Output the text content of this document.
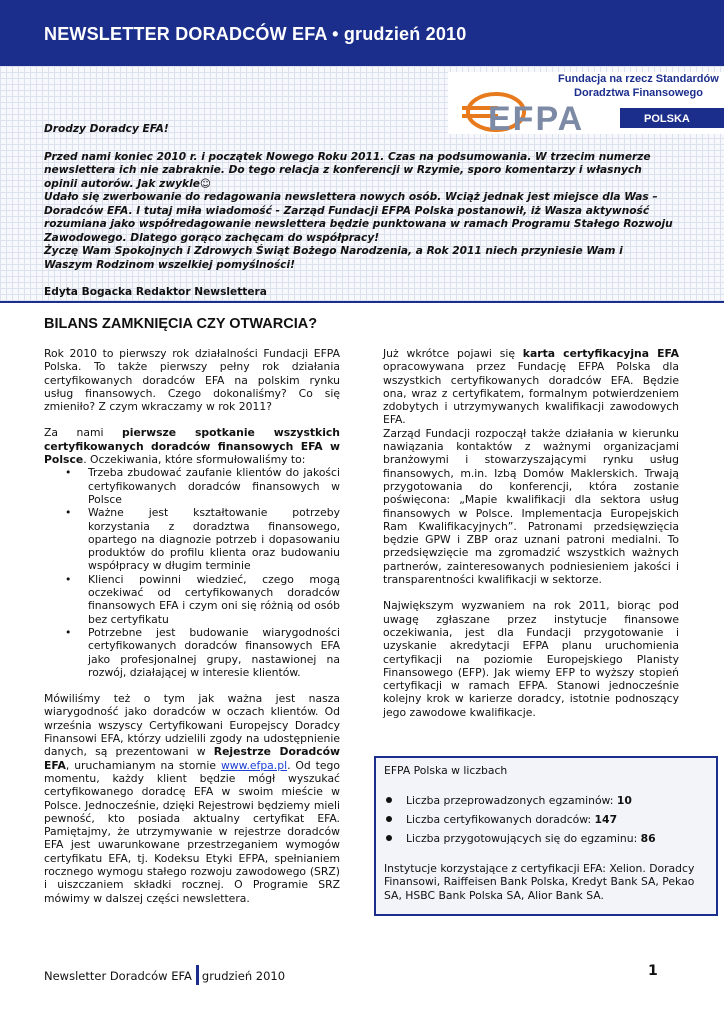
NEWSLETTER DORADCÓW EFA • grudzień 2010
Fundacja na rzecz Standardów
Doradztwa Finansowego
EFPA	POLSKA

Drodzy Doradcy EFA!

Przed nami koniec 2010 r. i początek Nowego Roku 2011. Czas na podsumowania. W trzecim numerze newslettera ich nie zabraknie. Do tego relacja z konferencji w Rzymie, sporo komentarzy i własnych opinii autorów. Jak zwykle☺

Udało się zwerbowanie do redagowania newslettera nowych osób. Wciąż jednak jest miejsce dla Was – Doradców EFA. I tutaj miła wiadomość - Zarząd Fundacji EFPA Polska postanowił, iż Wasza aktywność rozumiana jako współredagowanie newslettera będzie punktowana w ramach Programu Stałego Rozwoju Zawodowego. Dlatego gorąco zachęcam do współpracy!

Życzę Wam Spokojnych i Zdrowych Świąt Bożego Narodzenia, a Rok 2011 niech przyniesie Wam i Waszym Rodzinom wszelkiej pomyślności!

Edyta Bogacka Redaktor Newslettera

BILANS ZAMKNIĘCIA CZY OTWARCIA?

Rok 2010 to pierwszy rok działalności Fundacji EFPA Polska. To także pierwszy pełny rok działania certyfikowanych doradców EFA na polskim rynku usług finansowych. Czego dokonaliśmy? Co się zmieniło? Z czym wkraczamy w rok 2011?

Za nami pierwsze spotkanie wszystkich certyfikowanych doradców finansowych EFA w Polsce. Oczekiwania, które sformułowaliśmy to:

• Trzeba zbudować zaufanie klientów do jakości certyfikowanych doradców finansowych w Polsce
• Ważne jest kształtowanie potrzeby korzystania z doradztwa finansowego, opartego na diagnozie potrzeb i dopasowaniu produktów do profilu klienta oraz budowaniu współpracy w długim terminie
• Klienci powinni wiedzieć, czego mogą oczekiwać od certyfikowanych doradców finansowych EFA i czym oni się różnią od osób bez certyfikatu
• Potrzebne jest budowanie wiarygodności certyfikowanych doradców finansowych EFA jako profesjonalnej grupy, nastawionej na rozwój, działającej w interesie klientów.

Mówiliśmy też o tym jak ważna jest nasza wiarygodność jako doradców w oczach klientów. Od września wszyscy Certyfikowani Europejscy Doradcy Finansowi EFA, którzy udzielili zgody na udostępnienie danych, są prezentowani w Rejestrze Doradców EFA, uruchamianym na stornie www.efpa.pl. Od tego momentu, każdy klient będzie mógł wyszukać certyfikowanego doradcę EFA w swoim mieście w Polsce. Jednocześnie, dzięki Rejestrowi będziemy mieli pewność, kto posiada aktualny certyfikat EFA. Pamiętajmy, że utrzymywanie w rejestrze doradców EFA jest uwarunkowane przestrzeganiem wymogów certyfikatu EFA, tj. Kodeksu Etyki EFPA, spełnianiem rocznego wymogu stałego rozwoju zawodowego (SRZ) i uiszczaniem składki rocznej. O Programie SRZ mówimy w dalszej części newslettera.

Już wkrótce pojawi się karta certyfikacyjna EFA opracowywana przez Fundację EFPA Polska dla wszystkich certyfikowanych doradców EFA. Będzie ona, wraz z certyfikatem, formalnym potwierdzeniem zdobytych i utrzymywanych kwalifikacji zawodowych EFA.

Zarząd Fundacji rozpoczął także działania w kierunku nawiązania kontaktów z ważnymi organizacjami branżowymi i stowarzyszającymi rynku usług finansowych, m.in. Izbą Domów Maklerskich. Trwają przygotowania do konferencji, która zostanie poświęcona: „Mapie kwalifikacji dla sektora usług finansowych w Polsce. Implementacja Europejskich Ram Kwalifikacyjnych”. Patronami przedsięwzięcia będzie GPW i ZBP oraz uznani patroni medialni. To przedsięwzięcie ma zgromadzić wszystkich ważnych partnerów, zainteresowanych podniesieniem jakości i transparentności kwalifikacji w sektorze.

Największym wyzwaniem na rok 2011, biorąc pod uwagę zgłaszane przez instytucje finansowe oczekiwania, jest dla Fundacji przygotowanie i uzyskanie akredytacji EFPA planu uruchomienia certyfikacji na poziomie Europejskiego Planisty Finansowego (EFP). Jak wiemy EFP to wyższy stopień certyfikacji w ramach EFPA. Stanowi jednocześnie kolejny krok w karierze doradcy, istotnie podnoszący jego zawodowe kwalifikacje.

EFPA Polska w liczbach
Liczba przeprowadzonych egzaminów: 10
Liczba certyfikowanych doradców: 147
Liczba przygotowujących się do egzaminu: 86
Instytucje korzystające z certyfikacji EFA: Xelion. Doradcy Finansowi, Raiffeisen Bank Polska, Kredyt Bank SA, Pekao SA, HSBC Bank Polska SA, Alior Bank SA.
Newsletter Doradców EFA grudzień 2010	1
